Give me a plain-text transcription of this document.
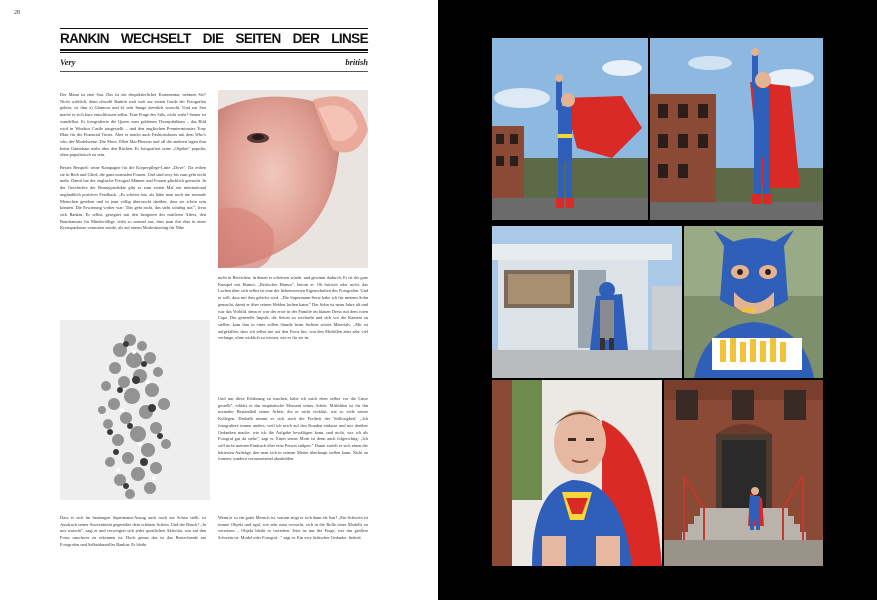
28
RANKIN WECHSELT DIE SEITEN DER LINSE
Very	british

Der Mann ist eine Sau. Das ist ein despektierlicher Kommentar, nehmen Sie? Nicht wirklich, denn obwohl Rankin weit weit zur ersten Garde der Fotografen gehört, ist ihm a) Glamour und b) sein Image ziemlich wurscht. Und zur Sau macht er sich kurz entschlossen selbst. Eine Frage des Stils, nicht wahr? Seiner ist wandelbar. Er fotografierte die Queen zum goldenen Thronjubiläum – das Bild wird in Windsor Castle ausgestellt – und den englischen Premierminister Tony Blair für die Financial Times. Aber er macht auch Fashionshoots mit dem Who's who der Modelszene: Die Moss, Ellen MacPherson und all die anderen lagen ihm keine Gänsehaut mehr über den Rücken. Er fotografiert seine „Objekte" populär, ohne populistisch zu sein.

Bestes Beispiel: seine Kampagne für die Körperpflege-Linie „Dove". Da reihen sie in Reih und Glied, die ganz normalen Frauen. Und sind sexy bis zum geht nicht mehr. Damit hat der englische Fotograf Männer und Frauen glücklich gemacht. In der Geschichte der Beautyprodukte gibt es zum ersten Mal ein international unglaublich positives Feedback. „Es scheint fast, als hätte man noch nie normale Menschen gesehen und in jeun völlig überrascht darüber, dass sie schön sein können. Die Erwartung vorher war: 'Das geht nicht, das sieht schäbig aus'", freut sich Rankin. Er selbst, gesegnet mit den Insignien des mittleren Alters, den Bauchansatz für Mindevöllige, sieht so normal aus, dass man ihn eher in einer Kreissparkasse vermuten würde, als auf einem Modeshooting für Nike

nicht in Bereichen, in denen er scheitern würde, und gewinnt dadurch. Er ist der gute Kumpel mit Humor, „Britischer Humor", betont er. Ob britisch oder nicht, das Lachen über sich selbst ist eine der liebenswerten Eigenschaften des Fotografen. Und er will, dass mit ihm gelacht wird. „Die Supermann-Serie habe ich für meinen Sohn gemacht, damit er über seinen Helden lachen kann." Der Sohn ist neun Jahre alt und war das Vorbild, denn er war der erste in der Familie im blauen Dress mit dem roten Cape. Der generelle Impuls, die Seiten zu wechseln und sich vor die Kamera zu stellen, kam ihm in einer stillen Stunde beim Sichten seines Materials. „Mir ist aufgefallen, dass ich selbst nie auf den Fotos bin, von den Modellen aber sehr viel verlange, ohne wirklich zu wissen, wie es für sie ist.

Und um diese Erfahrung zu machen, habe ich mich eben selber vor die Linse gestellt", erklärt er das emphatische Moment seiner Arbeit. Mitfühlen ist für ihn normaler Bestandteil seiner Arbeit, die er nicht verklärt, wie so viele seiner Kollegen. Deshalb nimmt er sich auch die Freiheit der 'Stillosigkeit'. „Ich fotografiere immer anders, weil ich mich auf den Kunden einlasse und mir darüber Gedanken mache, wie ich die Aufgabe bewältigen kann, und nicht, wie ich als Fotograf gut da stehe", sagt er. Eines seiner Motti ist denn auch folgerichtig: „Ich will nicht meinen Eindruck über eine Person stülpen." Damit erzielt er sich einen der härtesten Aufträge, den man sich in seinem Metier überhaupt stellen kann. Nicht zu formen, sondern voraussetzend abzubilden.

Dass er sich im hautengen Supermann-Anzug auch noch zur Schau stellt, ist Ausdruck seiner Souveränität gegenüber dem schönen Schein. Und der Bauch? „In mir wurscht", sagt er und verweigert sich jeder sportlichen Aktivität, was auf den Fotos unschwer zu erkennen ist. Doch genau das ist das Bestechende am Fotografen und Selbstdarsteller Rankin: Er bleibt

Wenn er so ein guter Mensch ist, warum zeigt er sich dann als Sau? „Ein Schwein ist immer Objekt und egal, wie sehr man versucht, sich in die Rolle eines Modells zu versetzen – Objekt bleibt es trotzdem. Jetzt ist nur die Frage, wer das größere Schwein ist: Model oder Fotograf..." sagt er. Ein very britischer Gedanke. Indeed.
